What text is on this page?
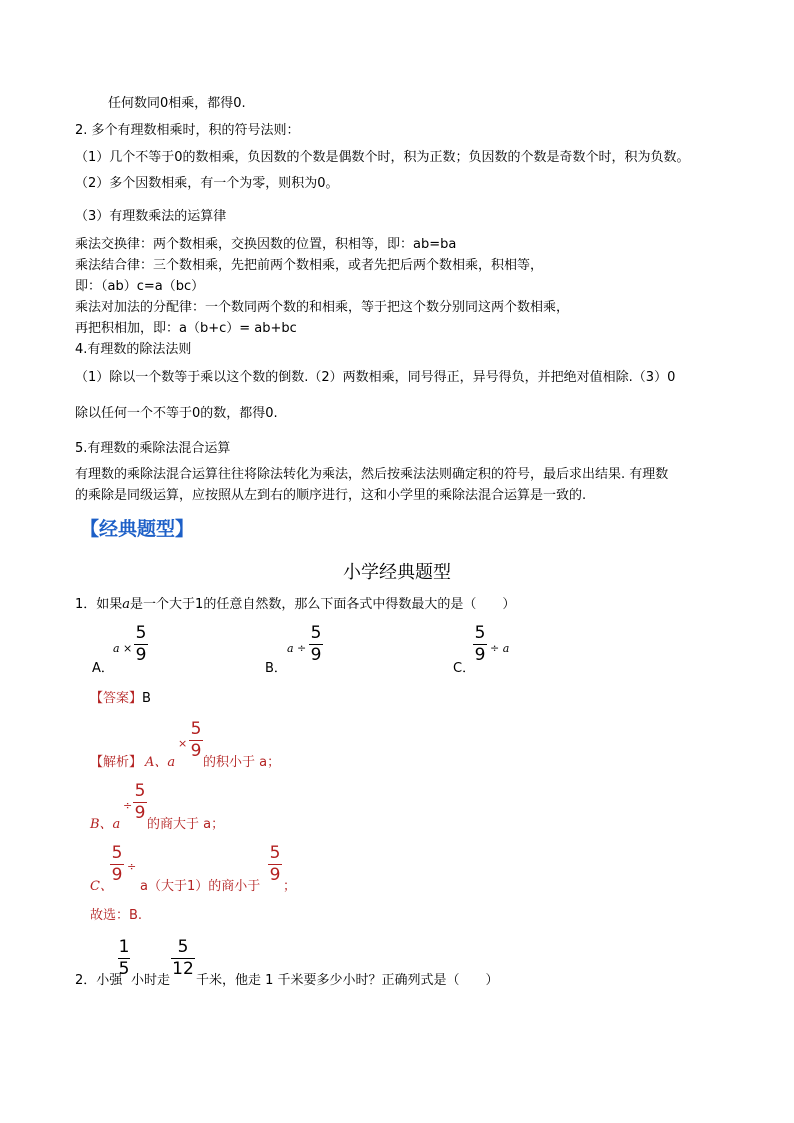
任何数同0相乘，都得0.
2. 多个有理数相乘时，积的符号法则：
（1）几个不等于0的数相乘，负因数的个数是偶数个时，积为正数；负因数的个数是奇数个时，积为负数。
（2）多个因数相乘，有一个为零，则积为0。
（3）有理数乘法的运算律
乘法交换律：两个数相乘，交换因数的位置，积相等，即：ab=ba
乘法结合律：三个数相乘，先把前两个数相乘，或者先把后两个数相乘，积相等，
即：（ab）c=a（bc）
乘法对加法的分配律：一个数同两个数的和相乘，等于把这个数分别同这两个数相乘，
再把积相加，即：a（b+c）= ab+bc
4.有理数的除法法则
（1）除以一个数等于乘以这个数的倒数.（2）两数相乘，同号得正，异号得负，并把绝对值相除.（3）0
除以任何一个不等于0的数，都得0.
5.有理数的乘除法混合运算
有理数的乘除法混合运算往往将除法转化为乘法，然后按乘法法则确定积的符号，最后求出结果. 有理数
的乘除是同级运算，应按照从左到右的顺序进行，这和小学里的乘除法混合运算是一致的.
【经典题型】
小学经典题型
1．如果a是一个大于1的任意自然数，那么下面各式中得数最大的是（　　）
A．
a ×
5
9
B．
a ÷
5
9
C．
5
9 ÷ a
【答案】B
【解析】 A、a
×
5
9
的积小于 a；
B、a
÷
5
9
的商大于 a；
C、
5
9 ÷
a（大于1）的商小于
5
9
；
故选：B.
2．小强
1
5
小时走
5
12
千米，他走 1 千米要多少小时？正确列式是（　　）
